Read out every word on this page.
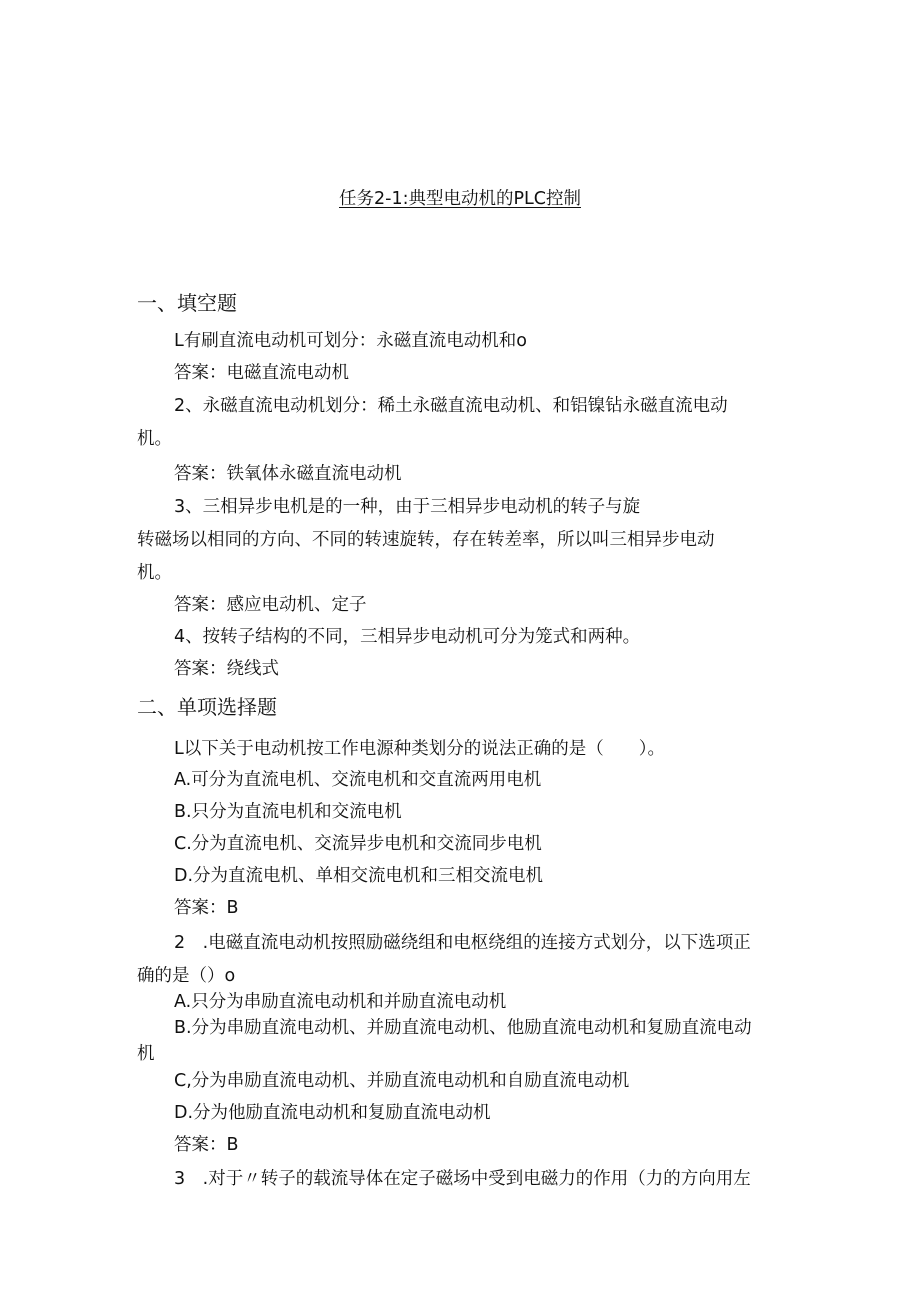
任务2-1:典型电动机的PLC控制
一、填空题

L有刷直流电动机可划分：永磁直流电动机和o

答案：电磁直流电动机

2、永磁直流电动机划分：稀土永磁直流电动机、和铝镍钻永磁直流电动

机。

答案：铁氧体永磁直流电动机

3、三相异步电机是的一种，由于三相异步电动机的转子与旋

转磁场以相同的方向、不同的转速旋转，存在转差率，所以叫三相异步电动

机。

答案：感应电动机、定子

4、按转子结构的不同，三相异步电动机可分为笼式和两种。

答案：绕线式

二、单项选择题

L以下关于电动机按工作电源种类划分的说法正确的是（　　）。

A.可分为直流电机、交流电机和交直流两用电机

B.只分为直流电机和交流电机

C.分为直流电机、交流异步电机和交流同步电机

D.分为直流电机、单相交流电机和三相交流电机

答案：B

2　.电磁直流电动机按照励磁绕组和电枢绕组的连接方式划分，以下选项正

确的是（）o

A.只分为串励直流电动机和并励直流电动机

B.分为串励直流电动机、并励直流电动机、他励直流电动机和复励直流电动

机

C,分为串励直流电动机、并励直流电动机和自励直流电动机

D.分为他励直流电动机和复励直流电动机

答案：B

3　.对于〃转子的载流导体在定子磁场中受到电磁力的作用（力的方向用左
